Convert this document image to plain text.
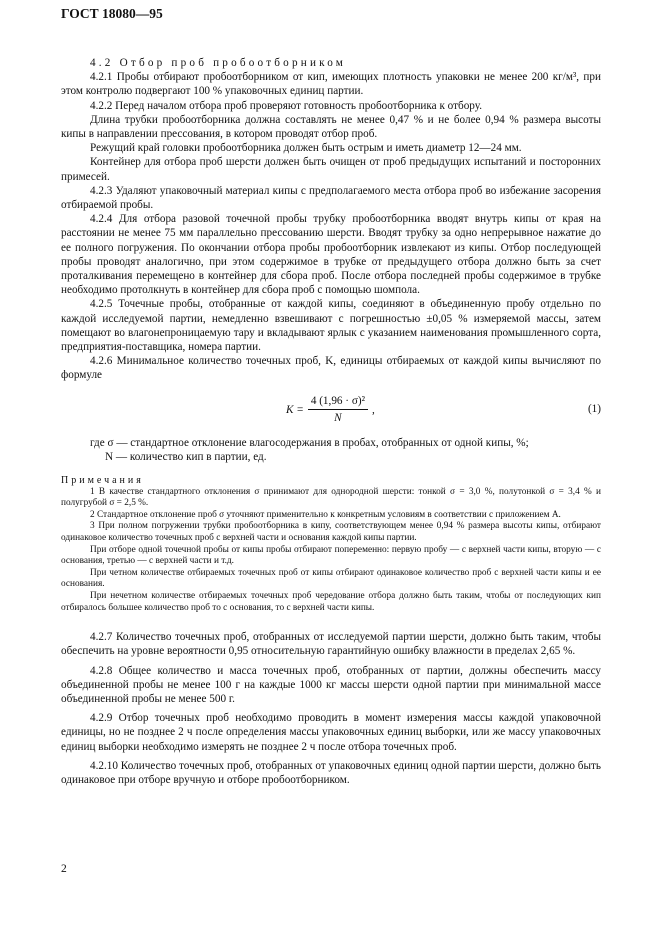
ГОСТ 18080—95

4.2 Отбор проб пробоотборником

4.2.1 Пробы отбирают пробоотборником от кип, имеющих плотность упаковки не менее 200 кг/м³, при этом контролю подвергают 100 % упаковочных единиц партии.

4.2.2 Перед началом отбора проб проверяют готовность пробоотборника к отбору.

Длина трубки пробоотборника должна составлять не менее 0,47 % и не более 0,94 % размера высоты кипы в направлении прессования, в котором проводят отбор проб.

Режущий край головки пробоотборника должен быть острым и иметь диаметр 12—24 мм.

Контейнер для отбора проб шерсти должен быть очищен от проб предыдущих испытаний и посторонних примесей.

4.2.3 Удаляют упаковочный материал кипы с предполагаемого места отбора проб во избежание засорения отбираемой пробы.

4.2.4 Для отбора разовой точечной пробы трубку пробоотборника вводят внутрь кипы от края на расстоянии не менее 75 мм параллельно прессованию шерсти. Вводят трубку за одно непрерывное нажатие до ее полного погружения. По окончании отбора пробы пробоотборник извлекают из кипы. Отбор последующей пробы проводят аналогично, при этом содержимое в трубке от предыдущего отбора должно быть за счет проталкивания перемещено в контейнер для сбора проб. После отбора последней пробы содержимое в трубке необходимо протолкнуть в контейнер для сбора проб с помощью шомпола.

4.2.5 Точечные пробы, отобранные от каждой кипы, соединяют в объединенную пробу отдельно по каждой исследуемой партии, немедленно взвешивают с погрешностью ±0,05 % измеряемой массы, затем помещают во влагонепроницаемую тару и вкладывают ярлык с указанием наименования промышленного сорта, предприятия-поставщика, номера партии.

4.2.6 Минимальное количество точечных проб, K, единицы отбираемых от каждой кипы вычисляют по формуле

$K = \frac{\text{4 (1,96 · σ)²}}{N}$ ,	(1)

где σ — стандартное отклонение влагосодержания в пробах, отобранных от одной кипы, %;

N — количество кип в партии, ед.

Примечания

1 В качестве стандартного отклонения σ принимают для однородной шерсти: тонкой σ = 3,0 %, полутонкой σ = 3,4 % и полугрубой σ = 2,5 %.

2 Стандартное отклонение проб σ уточняют применительно к конкретным условиям в соответствии с приложением А.

3 При полном погружении трубки пробоотборника в кипу, соответствующем менее 0,94 % размера высоты кипы, отбирают одинаковое количество точечных проб с верхней части и основания каждой кипы партии.

При отборе одной точечной пробы от кипы пробы отбирают попеременно: первую пробу — с верхней части кипы, вторую — с основания, третью — с верхней части и т.д.

При четном количестве отбираемых точечных проб от кипы отбирают одинаковое количество проб с верхней части кипы и ее основания.

При нечетном количестве отбираемых точечных проб чередование отбора должно быть таким, чтобы от последующих кип отбиралось большее количество проб то с основания, то с верхней части кипы.

4.2.7 Количество точечных проб, отобранных от исследуемой партии шерсти, должно быть таким, чтобы обеспечить на уровне вероятности 0,95 относительную гарантийную ошибку влажности в пределах 2,65 %.

4.2.8 Общее количество и масса точечных проб, отобранных от партии, должны обеспечить массу объединенной пробы не менее 100 г на каждые 1000 кг массы шерсти одной партии при минимальной массе объединенной пробы не менее 500 г.

4.2.9 Отбор точечных проб необходимо проводить в момент измерения массы каждой упаковочной единицы, но не позднее 2 ч после определения массы упаковочных единиц выборки, или же массу упаковочных единиц выборки необходимо измерять не позднее 2 ч после отбора точечных проб.

4.2.10 Количество точечных проб, отобранных от упаковочных единиц одной партии шерсти, должно быть одинаковое при отборе вручную и отборе пробоотборником.

2
